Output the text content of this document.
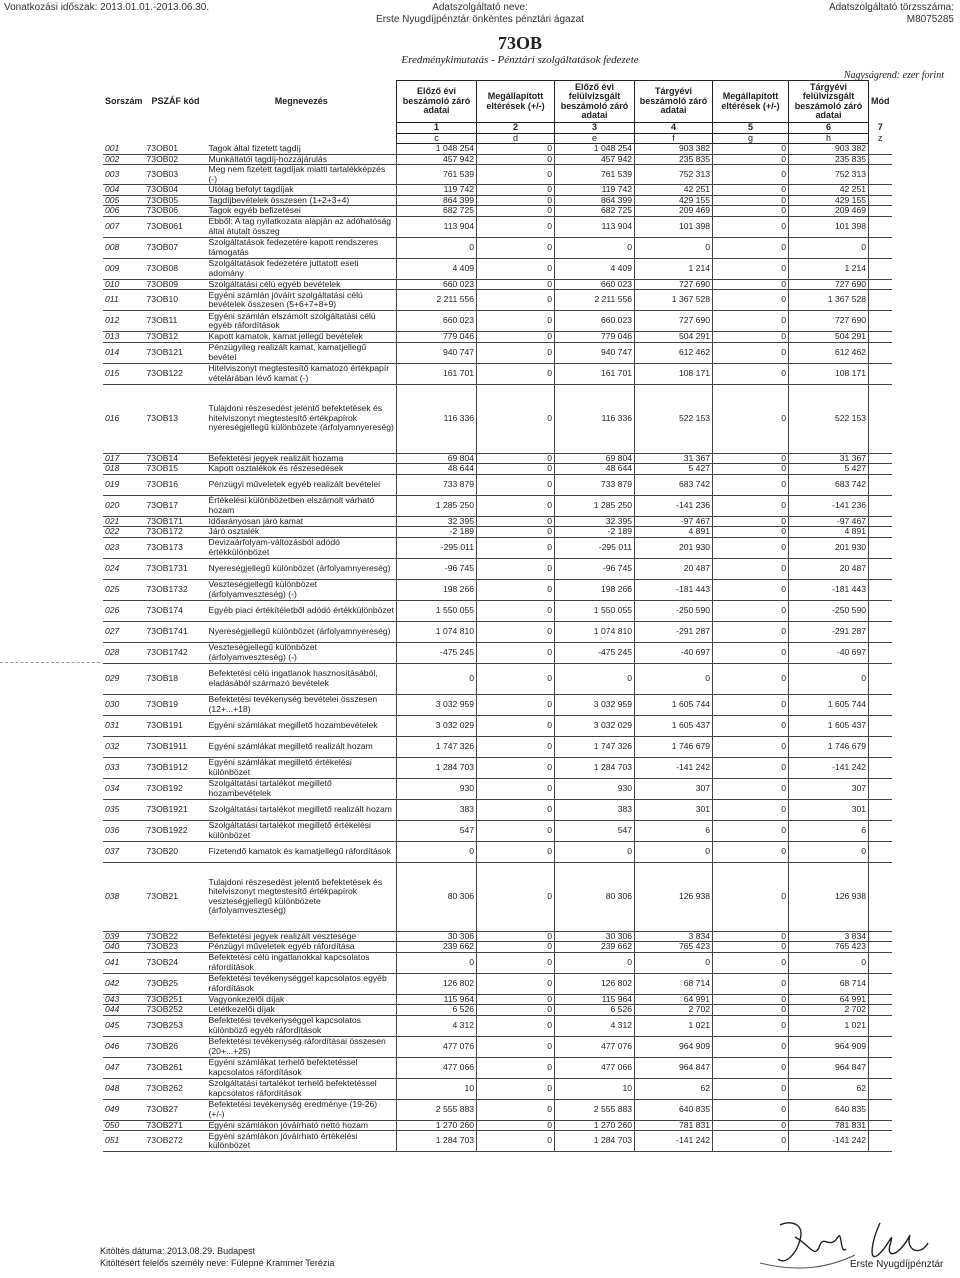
Vonatkozási időszak: 2013.01.01.-2013.06.30.	Adatszolgáltató neve:
Erste Nyugdíjpénztár önkéntes pénztári ágazat
Adatszolgáltató törzsszáma:
M8075285
73OB
Eredménykimutatás - Pénztári szolgáltatások fedezete
Nagyságrend: ezer forint
Sorszám	PSZÁF kód	Megnevezés	Előző évi beszámoló záró adatai	Megállapított eltérések (+/-)	Előző évi felülvizsgált beszámoló záró adatai	Tárgyévi beszámoló záró adatai	Megállapított eltérések (+/-)	Tárgyévi felülvizsgált beszámoló záró adatai	Mód
			1	2	3	4	5	6	7
			c	d	e	f	g	h	z
001	73OB01	Tagok által fizetett tagdíj	1 048 254	0	1 048 254	903 382	0	903 382	
002	73OB02	Munkáltatói tagdíj-hozzájárulás	457 942	0	457 942	235 835	0	235 835	
003	73OB03	Meg nem fizetett tagdíjak miatti tartalékképzés (-)	761 539	0	761 539	752 313	0	752 313	
004	73OB04	Utólag befolyt tagdíjak	119 742	0	119 742	42 251	0	42 251	
005	73OB05	Tagdíjbevételek összesen (1+2+3+4)	864 399	0	864 399	429 155	0	429 155	
006	73OB06	Tagok egyéb befizetései	682 725	0	682 725	209 469	0	209 469	
007	73OB061	Ebből: A tag nyilatkozata alapján az adóhatóság által átutalt összeg	113 904	0	113 904	101 398	0	101 398	
008	73OB07	Szolgáltatások fedezetére kapott rendszeres támogatás	0	0	0	0	0	0	
009	73OB08	Szolgáltatások fedezetére juttatott eseti adomány	4 409	0	4 409	1 214	0	1 214	
010	73OB09	Szolgáltatási célú egyéb bevételek	660 023	0	660 023	727 690	0	727 690	
011	73OB10	Egyéni számlán jóváírt szolgáltatási célú bevételek összesen (5+6+7+8+9)	2 211 556	0	2 211 556	1 367 528	0	1 367 528	
012	73OB11	Egyéni számlán elszámolt szolgáltatási célú egyéb ráfordítások	660 023	0	660 023	727 690	0	727 690	
013	73OB12	Kapott kamatok, kamat jellegű bevételek	779 046	0	779 046	504 291	0	504 291	
014	73OB121	Pénzügyileg realizált kamat, kamatjellegű bevétel	940 747	0	940 747	612 462	0	612 462	
015	73OB122	Hitelviszonyt megtestesítő kamatozó értékpapír vételárában lévő kamat (-)	161 701	0	161 701	108 171	0	108 171	
016	73OB13	Tulajdoni részesedést jelentő befektetések és hitelviszonyt megtestesítő értékpapírok nyereségjellegű különbözete (árfolyamnyereség)	116 336	0	116 336	522 153	0	522 153	
017	73OB14	Befektetési jegyek realizált hozama	69 804	0	69 804	31 367	0	31 367	
018	73OB15	Kapott osztalékok és részesedések	48 644	0	48 644	5 427	0	5 427	
019	73OB16	Pénzügyi műveletek egyéb realizált bevételei	733 879	0	733 879	683 742	0	683 742	
020	73OB17	Értékelési különbözetben elszámolt várható hozam	1 285 250	0	1 285 250	-141 236	0	-141 236	
021	73OB171	Időarányosan járó kamat	32 395	0	32 395	-97 467	0	-97 467	
022	73OB172	Járó osztalék	-2 189	0	-2 189	4 891	0	4 891	
023	73OB173	Devizaárfolyam-változásból adódó értékkülönbözet	-295 011	0	-295 011	201 930	0	201 930	
024	73OB1731	Nyereségjellegű különbözet (árfolyamnyereség)	-96 745	0	-96 745	20 487	0	20 487	
025	73OB1732	Veszteségjellegű különbözet (árfolyamveszteség) (-)	198 266	0	198 266	-181 443	0	-181 443	
026	73OB174	Egyéb piaci értékítéletből adódó értékkülönbözet	1 550 055	0	1 550 055	-250 590	0	-250 590	
027	73OB1741	Nyereségjellegű különbözet (árfolyamnyereség)	1 074 810	0	1 074 810	-291 287	0	-291 287	
028	73OB1742	Veszteségjellegű különbözet (árfolyamveszteség) (-)	-475 245	0	-475 245	-40 697	0	-40 697	
029	73OB18	Befektetési célú ingatlanok hasznosításából, eladásából származó bevételek	0	0	0	0	0	0	
030	73OB19	Befektetési tevékenység bevételei összesen (12+...+18)	3 032 959	0	3 032 959	1 605 744	0	1 605 744	
031	73OB191	Egyéni számlákat megillető hozambevételek	3 032 029	0	3 032 029	1 605 437	0	1 605 437	
032	73OB1911	Egyéni számlákat megillető realizált hozam	1 747 326	0	1 747 326	1 746 679	0	1 746 679	
033	73OB1912	Egyéni számlákat megillető értékelési különbözet	1 284 703	0	1 284 703	-141 242	0	-141 242	
034	73OB192	Szolgáltatási tartalékot megillető hozambevételek	930	0	930	307	0	307	
035	73OB1921	Szolgáltatási tartalékot megillető realizált hozam	383	0	383	301	0	301	
036	73OB1922	Szolgáltatási tartalékot megillető értékelési különbözet	547	0	547	6	0	6	
037	73OB20	Fizetendő kamatok és kamatjellegű ráfordítások	0	0	0	0	0	0	
038	73OB21	Tulajdoni részesedést jelentő befektetések és hitelviszonyt megtestesítő értékpapírok veszteségjellegű különbözete (árfolyamveszteség)	80 306	0	80 306	126 938	0	126 938	
039	73OB22	Befektetési jegyek realizált vesztesége	30 306	0	30 306	3 834	0	3 834	
040	73OB23	Pénzügyi műveletek egyéb ráfordítása	239 662	0	239 662	765 423	0	765 423	
041	73OB24	Befektetési célú ingatlanokkal kapcsolatos ráfordítások	0	0	0	0	0	0	
042	73OB25	Befektetési tevékenységgel kapcsolatos egyéb ráfordítások	126 802	0	126 802	68 714	0	68 714	
043	73OB251	Vagyonkezelői díjak	115 964	0	115 964	64 991	0	64 991	
044	73OB252	Letétkezelői díjak	6 526	0	6 526	2 702	0	2 702	
045	73OB253	Befektetési tevékenységgel kapcsolatos különböző egyéb ráfordítások	4 312	0	4 312	1 021	0	1 021	
046	73OB26	Befektetési tevékenység ráfordításai összesen (20+...+25)	477 076	0	477 076	964 909	0	964 909	
047	73OB261	Egyéni számlákat terhelő befektetéssel kapcsolatos ráfordítások	477 066	0	477 066	964 847	0	964 847	
048	73OB262	Szolgáltatási tartalékot terhelő befektetéssel kapcsolatos ráfordítások	10	0	10	62	0	62	
049	73OB27	Befektetési tevékenység eredménye (19-26) (+/-)	2 555 883	0	2 555 883	640 835	0	640 835	
050	73OB271	Egyéni számlákon jóváírható nettó hozam	1 270 260	0	1 270 260	781 831	0	781 831	
051	73OB272	Egyéni számlákon jóváírható értékelési különbözet	1 284 703	0	1 284 703	-141 242	0	-141 242	
Kitöltés dátuma: 2013.08.29. Budapest
Kitöltésért felelős személy neve: Fülepné Krammer Terézia	Erste Nyugdíjpénztár
